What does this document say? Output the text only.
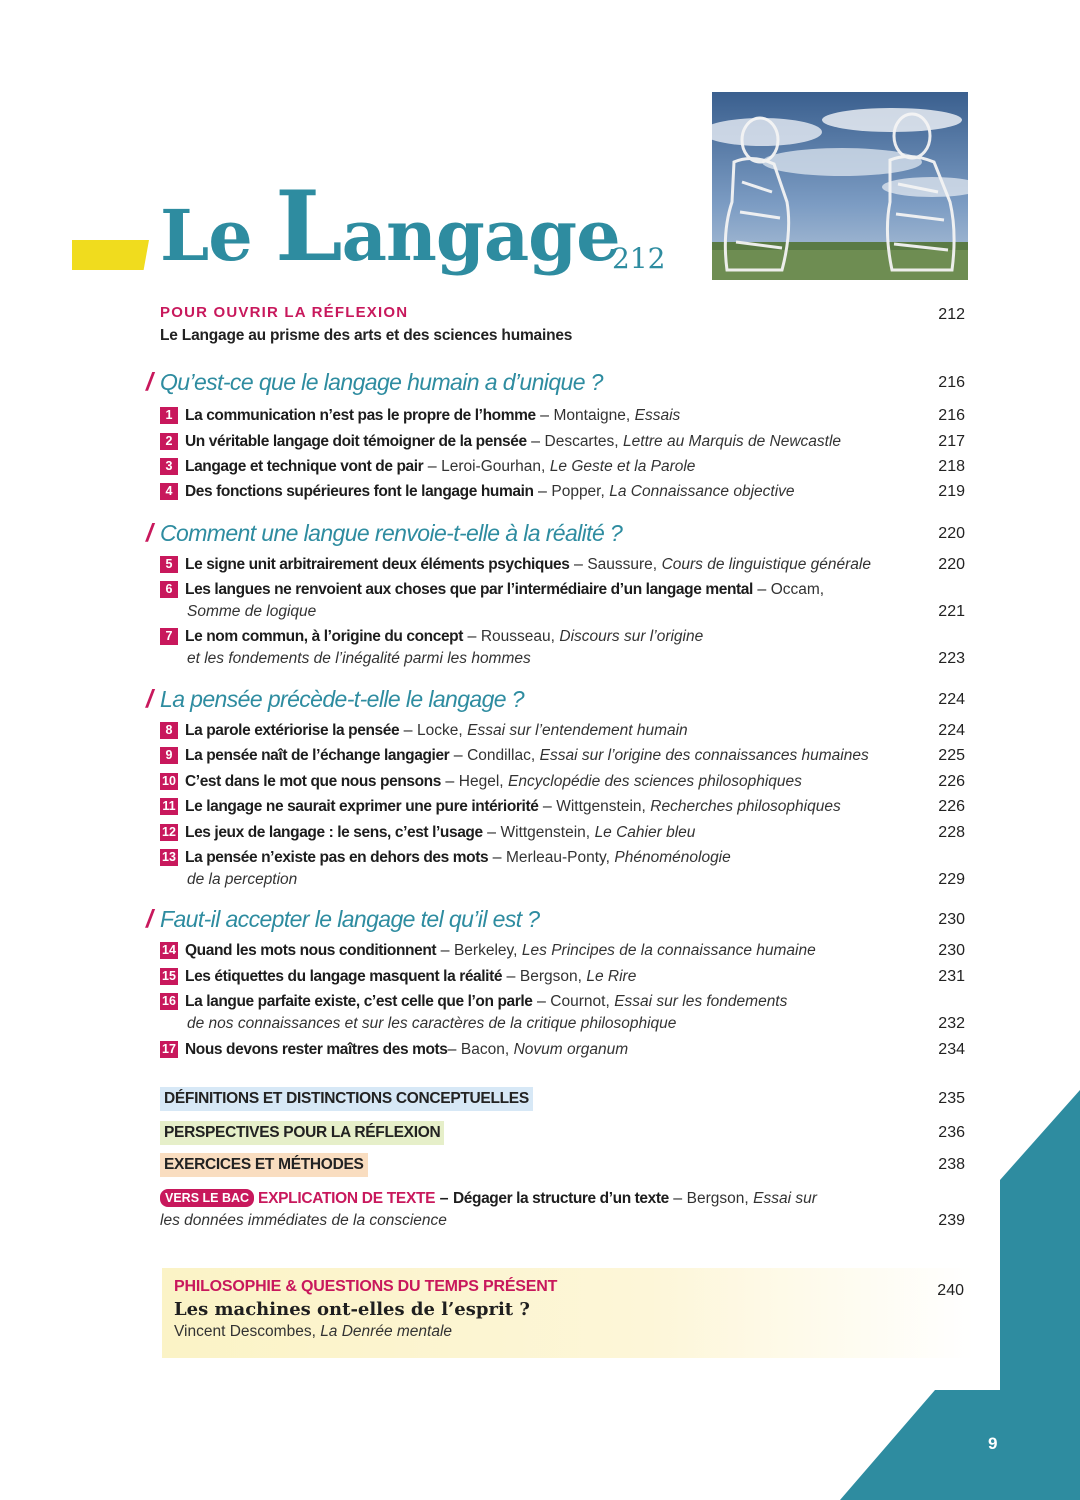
Le Langage
212
POUR OUVRIR LA RÉFLEXION
Le Langage au prisme des arts et des sciences humaines
212
/ Qu’est-ce que le langage humain a d’unique ?	216
1 La communication n’est pas le propre de l’homme – Montaigne, Essais	216
2 Un véritable langage doit témoigner de la pensée – Descartes, Lettre au Marquis de Newcastle	217
3 Langage et technique vont de pair – Leroi-Gourhan, Le Geste et la Parole	218
4 Des fonctions supérieures font le langage humain – Popper, La Connaissance objective	219
/ Comment une langue renvoie-t-elle à la réalité ?	220
5 Le signe unit arbitrairement deux éléments psychiques – Saussure, Cours de linguistique générale	220
6 Les langues ne renvoient aux choses que par l’intermédiaire d’un langage mental – Occam,
Somme de logique	221
7 Le nom commun, à l’origine du concept – Rousseau, Discours sur l’origine
et les fondements de l’inégalité parmi les hommes	223
/ La pensée précède-t-elle le langage ?	224
8 La parole extériorise la pensée – Locke, Essai sur l’entendement humain	224
9 La pensée naît de l’échange langagier – Condillac, Essai sur l’origine des connaissances humaines	225
10 C’est dans le mot que nous pensons – Hegel, Encyclopédie des sciences philosophiques	226
11 Le langage ne saurait exprimer une pure intériorité – Wittgenstein, Recherches philosophiques	226
12 Les jeux de langage : le sens, c’est l’usage – Wittgenstein, Le Cahier bleu	228
13 La pensée n’existe pas en dehors des mots – Merleau-Ponty, Phénoménologie
de la perception	229
/ Faut-il accepter le langage tel qu’il est ?	230
14 Quand les mots nous conditionnent – Berkeley, Les Principes de la connaissance humaine	230
15 Les étiquettes du langage masquent la réalité – Bergson, Le Rire	231
16 La langue parfaite existe, c’est celle que l’on parle – Cournot, Essai sur les fondements
de nos connaissances et sur les caractères de la critique philosophique	232
17 Nous devons rester maîtres des mots– Bacon, Novum organum	234
DÉFINITIONS ET DISTINCTIONS CONCEPTUELLES	235
PERSPECTIVES POUR LA RÉFLEXION	236
EXERCICES ET MÉTHODES	238
VERS LE BAC EXPLICATION DE TEXTE – Dégager la structure d’un texte – Bergson, Essai sur
les données immédiates de la conscience	239
PHILOSOPHIE & QUESTIONS DU TEMPS PRÉSENT
Les machines ont-elles de l’esprit ?
Vincent Descombes, La Denrée mentale
240
9
